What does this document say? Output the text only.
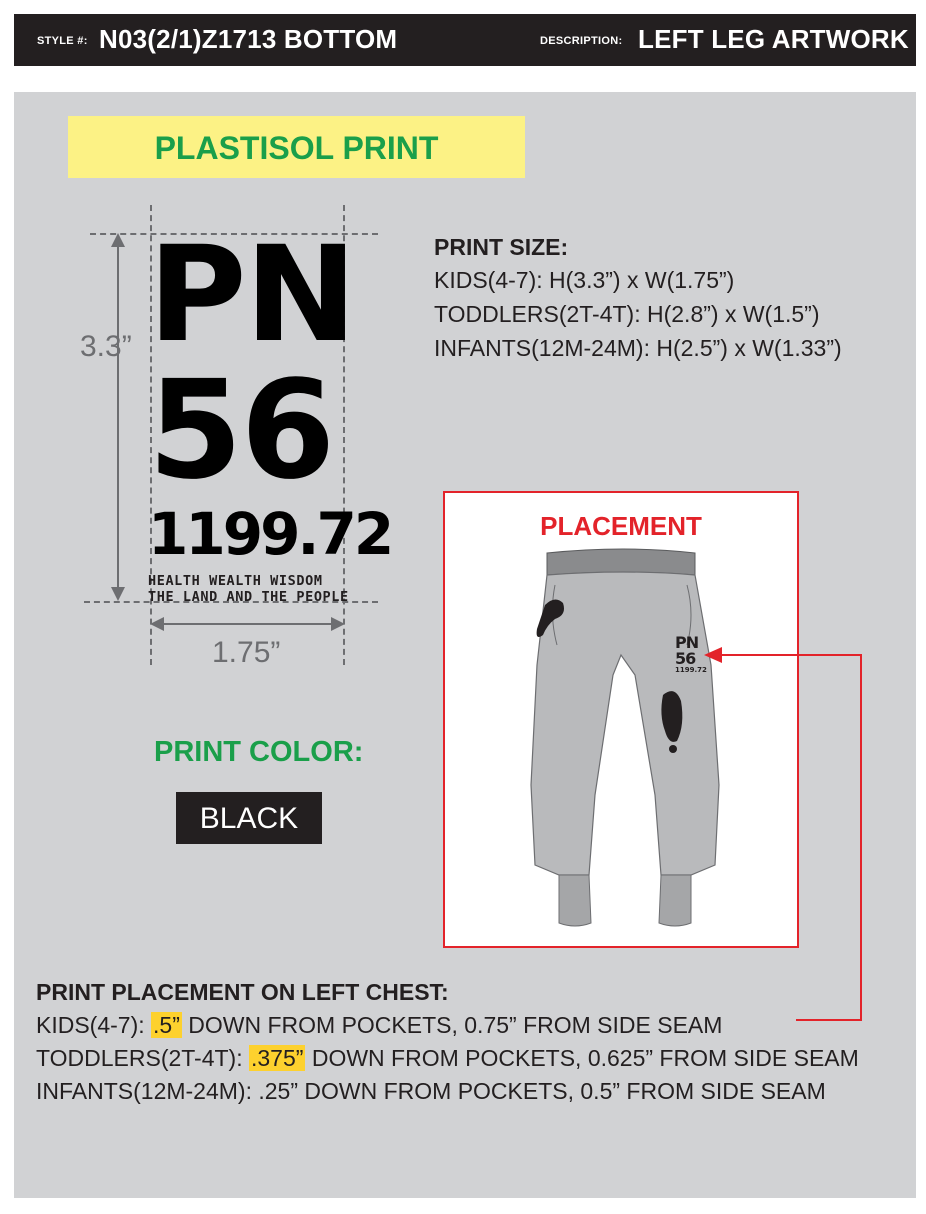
STYLE #: N03(2/1)Z1713 BOTTOM	DESCRIPTION: LEFT LEG ARTWORK
PLASTISOL PRINT
3.3”
1.75”
PN
56
1199.72
HEALTH WEALTH WISDOM
THE LAND AND THE PEOPLE
PRINT SIZE:
KIDS(4-7): H(3.3”) x W(1.75”)
TODDLERS(2T-4T): H(2.8”) x W(1.5”)
INFANTS(12M-24M): H(2.5”) x W(1.33”)
PRINT COLOR:
BLACK
PLACEMENT
PN
56
1199.72
PRINT PLACEMENT ON LEFT CHEST:
KIDS(4-7): .5” DOWN FROM POCKETS, 0.75” FROM SIDE SEAM
TODDLERS(2T-4T): .375” DOWN FROM POCKETS, 0.625” FROM SIDE SEAM
INFANTS(12M-24M): .25” DOWN FROM POCKETS, 0.5” FROM SIDE SEAM
